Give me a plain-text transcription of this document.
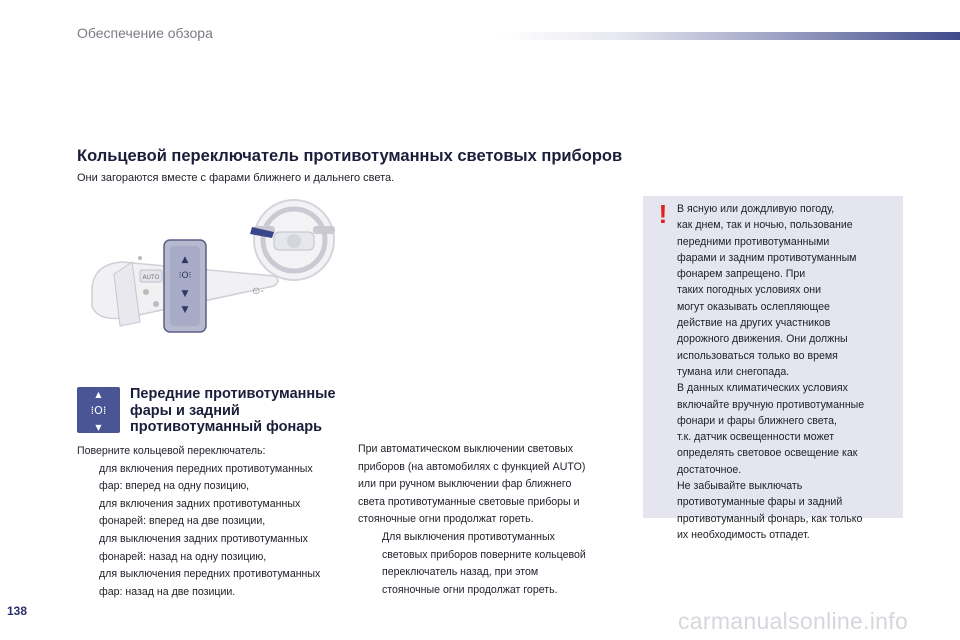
Обеспечение обзора
Кольцевой переключатель противотуманных световых приборов
Они загораются вместе с фарами ближнего и дальнего света.
▲
⁝O⁝
▼
▼
AUTO
⊙-
▲
⁞O⁞
▼
Передние противотуманные
фары и задний
противотуманный фонарь
Поверните кольцевой переключатель:
для включения передних противотуманных
фар: вперед на одну позицию,
для включения задних противотуманных
фонарей: вперед на две позиции,
для выключения задних противотуманных
фонарей: назад на одну позицию,
для выключения передних противотуманных
фар: назад на две позиции.
При автоматическом выключении световых
приборов (на автомобилях с функцией AUTO)
или при ручном выключении фар ближнего
света противотуманные световые приборы и
стояночные огни продолжат гореть.
Для выключения противотуманных
световых приборов поверните кольцевой
переключатель назад, при этом
стояночные огни продолжат гореть.
! В ясную или дождливую погоду,
как днем, так и ночью, пользование
передними противотуманными
фарами и задним противотуманным
фонарем запрещено. При
таких погодных условиях они
могут оказывать ослепляющее
действие на других участников
дорожного движения. Они должны
использоваться только во время
тумана или снегопада.
В данных климатических условиях
включайте вручную противотуманные
фонари и фары ближнего света,
т.к. датчик освещенности может
определять световое освещение как
достаточное.
Не забывайте выключать
противотуманные фары и задний
противотуманный фонарь, как только
их необходимость отпадет.
138	carmanualsonline.info
